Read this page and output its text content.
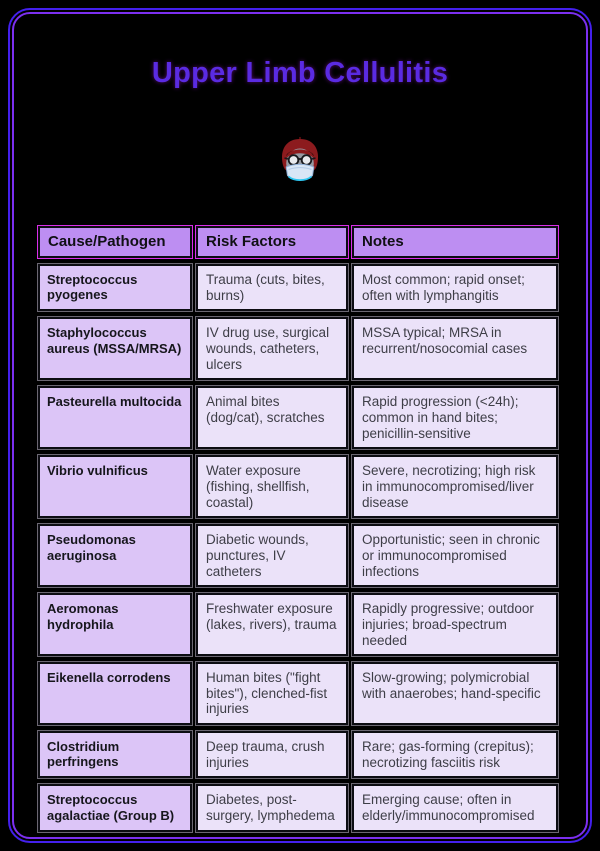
Upper Limb Cellulitis
Cause/Pathogen	Risk Factors	Notes
Streptococcus pyogenes	Trauma (cuts, bites, burns)	Most common; rapid onset; often with lymphangitis
Staphylococcus aureus (MSSA/MRSA)	IV drug use, surgical wounds, catheters, ulcers	MSSA typical; MRSA in recurrent/nosocomial cases
Pasteurella multocida	Animal bites (dog/cat), scratches	Rapid progression (<24h); common in hand bites; penicillin-sensitive
Vibrio vulnificus	Water exposure (fishing, shellfish, coastal)	Severe, necrotizing; high risk in immunocompromised/liver disease
Pseudomonas aeruginosa	Diabetic wounds, punctures, IV catheters	Opportunistic; seen in chronic or immunocompromised infections
Aeromonas hydrophila	Freshwater exposure (lakes, rivers), trauma	Rapidly progressive; outdoor injuries; broad-spectrum needed
Eikenella corrodens	Human bites ("fight bites"), clenched-fist injuries	Slow-growing; polymicrobial with anaerobes; hand-specific
Clostridium perfringens	Deep trauma, crush injuries	Rare; gas-forming (crepitus); necrotizing fasciitis risk
Streptococcus agalactiae (Group B)	Diabetes, post-surgery, lymphedema	Emerging cause; often in elderly/immunocompromised
